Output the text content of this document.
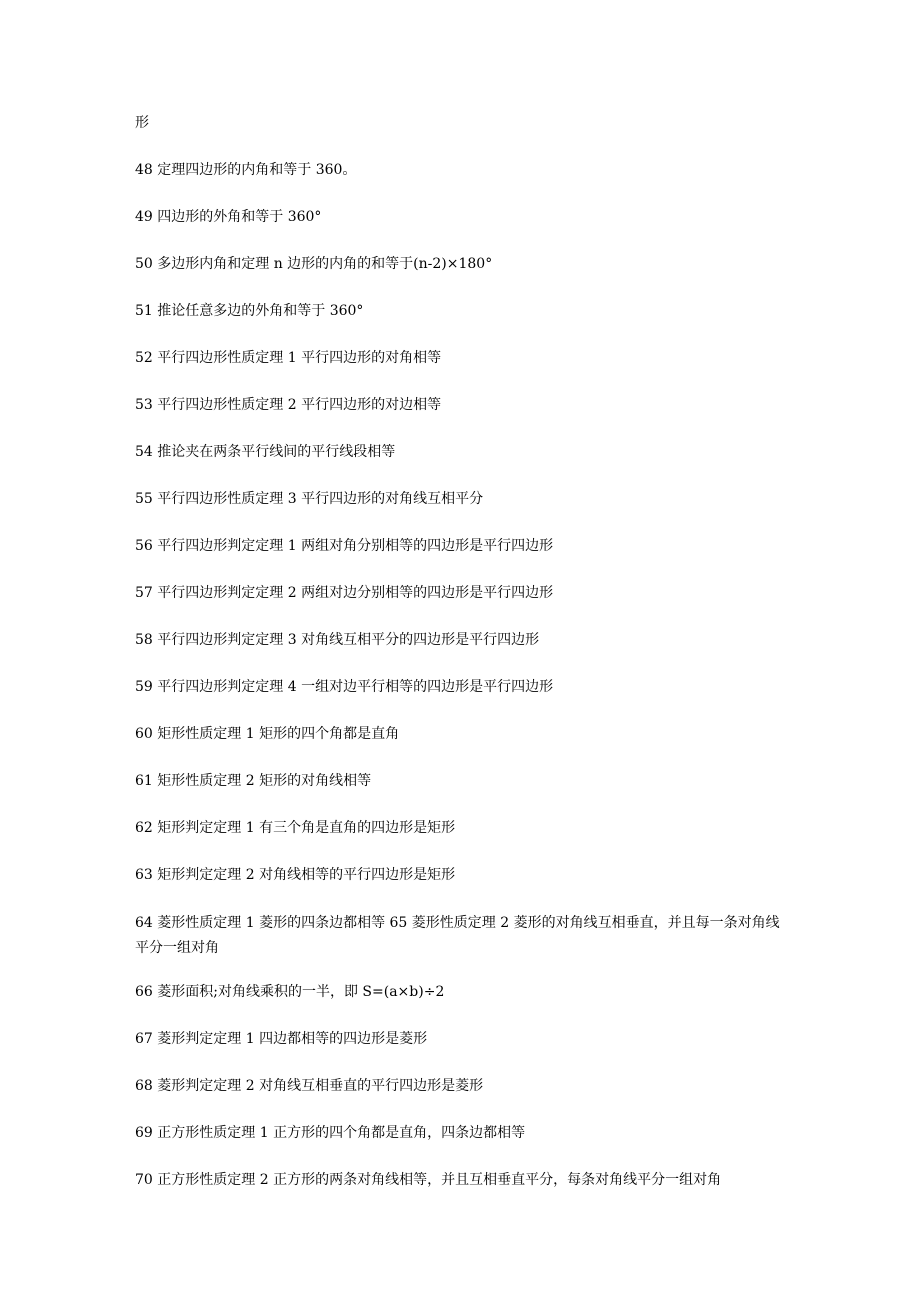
形
48 定理四边形的内角和等于 360。
49 四边形的外角和等于 360°
50 多边形内角和定理 n 边形的内角的和等于(n-2)×180°
51 推论任意多边的外角和等于 360°
52 平行四边形性质定理 1 平行四边形的对角相等
53 平行四边形性质定理 2 平行四边形的对边相等
54 推论夹在两条平行线间的平行线段相等
55 平行四边形性质定理 3 平行四边形的对角线互相平分
56 平行四边形判定定理 1 两组对角分别相等的四边形是平行四边形
57 平行四边形判定定理 2 两组对边分别相等的四边形是平行四边形
58 平行四边形判定定理 3 对角线互相平分的四边形是平行四边形
59 平行四边形判定定理 4 一组对边平行相等的四边形是平行四边形
60 矩形性质定理 1 矩形的四个角都是直角
61 矩形性质定理 2 矩形的对角线相等
62 矩形判定定理 1 有三个角是直角的四边形是矩形
63 矩形判定定理 2 对角线相等的平行四边形是矩形
64 菱形性质定理 1 菱形的四条边都相等 65 菱形性质定理 2 菱形的对角线互相垂直，并且每一条对角线平分一组对角
66 菱形面积;对角线乘积的一半，即 S=(a×b)÷2
67 菱形判定定理 1 四边都相等的四边形是菱形
68 菱形判定定理 2 对角线互相垂直的平行四边形是菱形
69 正方形性质定理 1 正方形的四个角都是直角，四条边都相等
70 正方形性质定理 2 正方形的两条对角线相等，并且互相垂直平分，每条对角线平分一组对角
